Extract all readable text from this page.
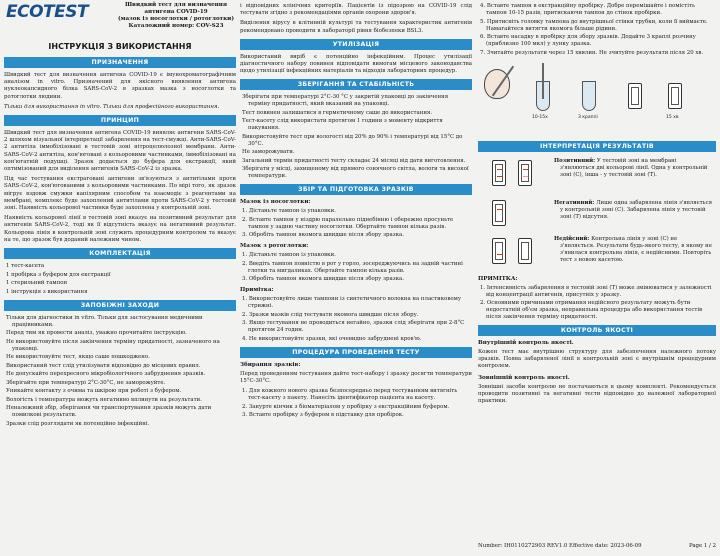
ECOTEST	Швидкий тест для визначення антигена COVID-19
(мазок із носоглотки / ротоглотки)
Каталожний номер: COV-S23
ІНСТРУКЦІЯ З ВИКОРИСТАННЯ
ПРИЗНАЧЕННЯ
Швидкий тест для визначення антигена COVID-19 є імунохроматографічним аналізом in vitro. Призначений для якісного виявлення антигена нуклеокапсидного білка SARS-CoV-2 в зразках мазка з носоглотки та ротоглотки людини.
Тільки для використання in vitro. Тільки для професійного використання.
ПРИНЦИП
Швидкий тест для визначення антигена COVID-19 виявляє антигени SARS-CoV-2 шляхом візуальної інтерпретації забарвлення на тест-смужці. Анти-SARS-CoV-2 антитіла іммобілізовані в тестовій зоні нітроцелюлозної мембрани. Анти-SARS-CoV-2 антитіла, кон'юговані з кольоровими частинками, іммобілізовані на кон'югатній подушці. Зразок додається до буфера для екстракції, який оптимізований для виділення антигенів SARS-CoV-2 із зразка.
Під час тестування екстраговані антигени зв'язуються з антитілами проти SARS-CoV-2, кон'югованими з кольоровими частинками. По мірі того, як зразок мігрує вздовж смужки капілярним способом та взаємодіє з реагентами на мембрані, комплекс буде захоплений антитілами проти SARS-CoV-2 у тестовій зоні. Наявність кольорової частинки буде захоплена у контрольній зоні.
Наявність кольорової лінії в тестовій зоні вказує на позитивний результат для антигенів SARS-CoV-2, тоді як її відсутність вказує на негативний результат. Кольорова лінія в контрольній зоні служить процедурним контролем та вказує на те, що зразок був доданий належним чином.
КОМПЛЕКТАЦІЯ
1 тест-касета
1 пробірка з буфером для екстракції
1 стерильний тампон
1 інструкція з використання
ЗАПОБІЖНІ ЗАХОДИ
Тільки для діагностики in vitro. Тільки для застосування медичними працівниками.
Перед тим як провести аналіз, уважно прочитайте інструкцію.
Не використовуйте після закінчення терміну придатності, зазначеного на упаковці.
Не використовуйте тест, якщо саше пошкоджено.
Використаний тест слід утилізувати відповідно до місцевих правил.
Не допускайте перехресного мікробіологічного забруднення зразків.
Зберігайте при температурі 2°С-30°С, не заморожуйте.
Уникайте контакту з очима та шкірою при роботі з буфером.
Вологість і температура можуть негативно вплинути на результати.
Неналежний збір, зберігання чи транспортування зразків можуть дати помилкові результати.
Зразки слід розглядати як потенційно інфекційні.
і відповідних клінічних критеріїв. Пацієнтів із підозрою на COVID-19 слід тестувати згідно з рекомендаціями органів охорони здоров'я.
Виділення вірусу в клітинній культурі та тестування характеристик антигенів рекомендовано проводити в лабораторії рівня біобезпеки BSL3.
УТИЛІЗАЦІЯ
Використаний виріб є потенційно інфекційним. Процес утилізації діагностичного набору повинен відповідати вимогам місцевого законодавства щодо утилізації інфекційних матеріалів та відходів лабораторних процедур.
ЗБЕРІГАННЯ ТА СТАБІЛЬНІСТЬ
Зберігати при температурі 2°С-30 °С у закритій упаковці до закінчення терміну придатності, який вказаний на упаковці.
Тест повинен залишатися в герметичному саше до використання.
Тест-касету слід використати протягом 1 години з моменту відкриття пакування.
Використовуйте тест при вологості від 20% до 90% і температурі від 15°С до 30°С.
Не заморожувати.
Загальний термін придатності тесту складає 24 місяці від дати виготовлення.
Зберігати у місці, захищеному від прямого сонячного світла, вологи та високої температури.
ЗБІР ТА ПІДГОТОВКА ЗРАЗКІВ
Мазок із носоглотки:
1. Дістаньте тампон із упаковки.
2. Вставте тампон у ніздрю паралельно піднебінню і обережно просуньте тампон у задню частину носоглотки. Обертайте тампон кілька разів.
3. Обробіть тампон якомога швидше після збору зразка.
Мазок з ротоглотки:
1. Дістаньте тампон із упаковки.
2. Введіть тампон повністю в рот у горло, зосереджуючись на задній частині глотки та мигдаликах. Обертайте тампон кілька разів.
3. Обробіть тампон якомога швидше після збору зразка.
Примітка:
1. Використовуйте лише тампони із синтетичного волокна на пластиковому стрижні.
2. Зразки мазків слід тестувати якомога швидше після збору.
3. Якщо тестування не проводиться негайно, зразки слід зберігати при 2-8°С протягом 24 годин.
4. Не використовуйте зразки, які очевидно забруднені кров'ю.
ПРОЦЕДУРА ПРОВЕДЕННЯ ТЕСТУ
Збирання зразків:
Перед проведенням тестування дайте тест-набору і зразку досягти температури 15°С-30°С.
1. Для кожного нового зразка безпосередньо перед тестуванням витягніть тест-касету з пакету. Нанесіть ідентифікатор пацієнта на касету.
2. Занурте кінчик з біоматеріалом у пробірку з екстракційним буфером.
3. Вставте пробірку з буфером в підставку для пробірок.
4. Вставте тампон в екстракційну пробірку. Добре перемішайте і помістіть тампон 10-15 разів, притискаючи тампон до стінок пробірки.
5. Притисніть головку тампона до внутрішньої стінки трубки, коли її виймаєте. Намагайтеся витягти якомога більше рідини.
6. Вставте насадку в пробірку для збору зразків. Додайте 3 краплі розчину (приблизно 100 мкл) у лунку зразка.
7. Зчитайте результати через 15 хвилин. Не зчитуйте результати після 20 хв.
10-15x	3 краплі	15 хв
ІНТЕРПРЕТАЦІЯ РЕЗУЛЬТАТІВ
Позитивний: У тестовій зоні на мембрані з'являються дві кольорові лінії. Одна у контрольній зоні (С), інша - у тестовій зоні (Т).
Негативний: Лише одна забарвлена лінія з'являється у контрольній зоні (С). Забарвлена лінія у тестовій зоні (Т) відсутня.
Недійсний: Контрольна лінія у зоні (С) не з'являється. Результати будь-якого тесту, в якому не з'явилася контрольна лінія, є недійсними. Повторіть тест з новою касетою.
ПРИМІТКА:
1. Інтенсивність забарвлення в тестовій зоні (Т) може змінюватися у залежності від концентрації антигенів, присутніх у зразку.
2. Основними причинами отримання недійсного результату можуть бути недостатній об'єм зразка, неправильна процедура або використання тестів після закінчення терміну придатності.
КОНТРОЛЬ ЯКОСТІ
Внутрішній контроль якості.
Кожен тест має внутрішню структуру для забезпечення належного потоку зразків. Поява забарвленої лінії в контрольній зоні є внутрішнім процедурним контролем.
Зовнішній контроль якості.
Зовнішні засоби контролю не постачаються в цьому комплекті. Рекомендується проводити позитивні та негативні тести відповідно до належної лабораторної практики.
Number: IH0110272903 REV1.0 Effective date: 2023-06-09	Page 1 / 2
